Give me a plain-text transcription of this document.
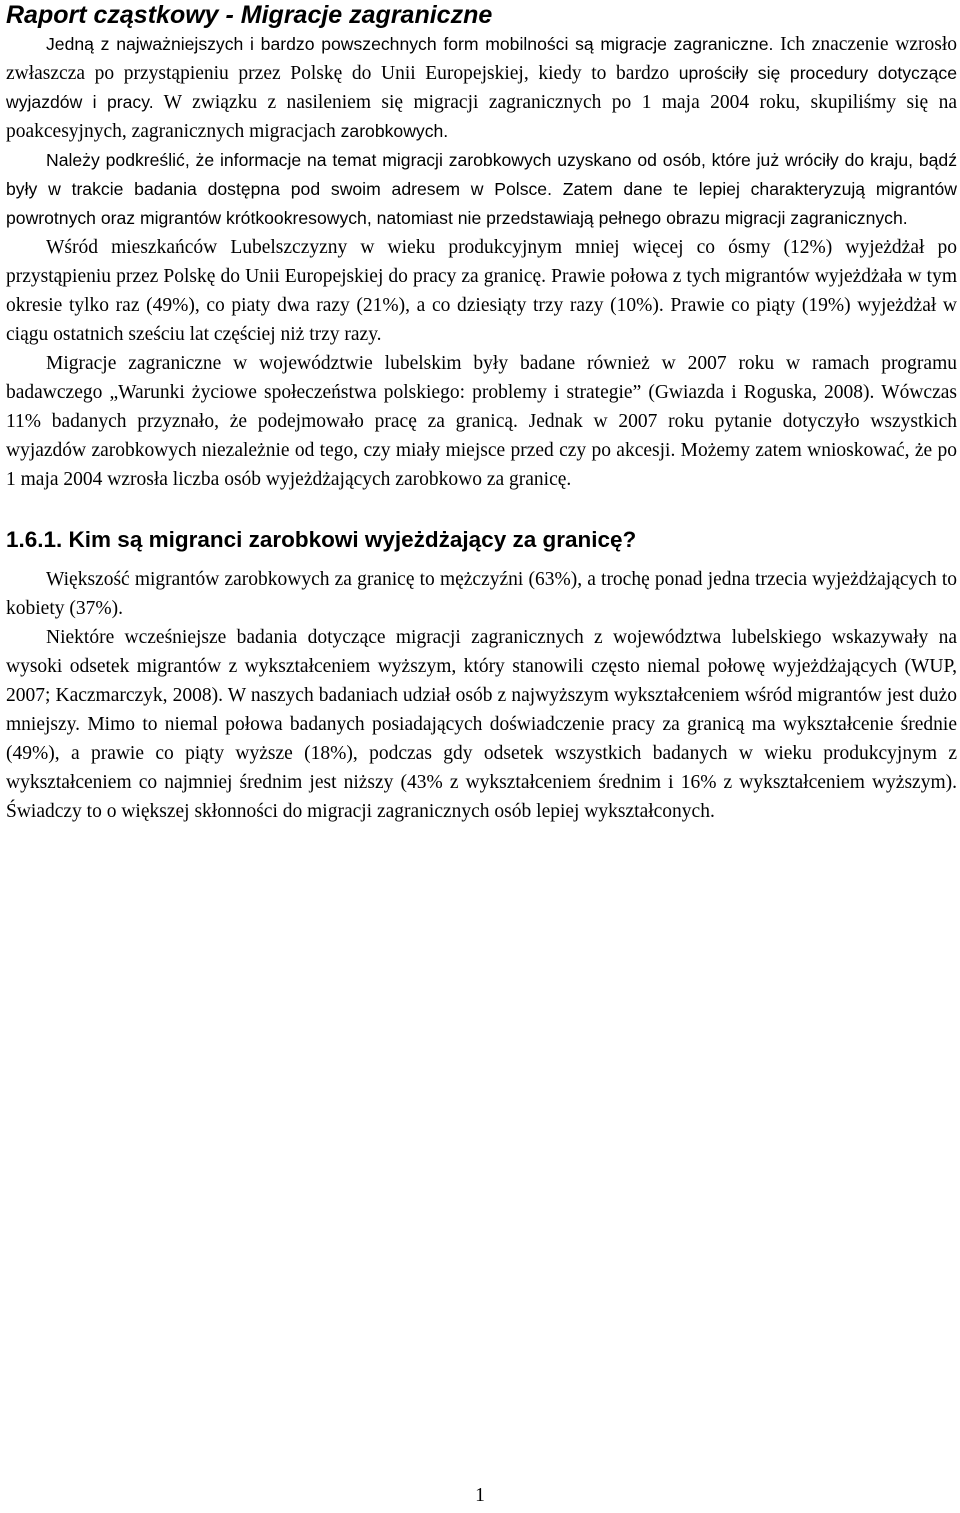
Raport cząstkowy - Migracje zagraniczne

Jedną z najważniejszych i bardzo powszechnych form mobilności są migracje zagraniczne. Ich znaczenie wzrosło zwłaszcza po przystąpieniu przez Polskę do Unii Europejskiej, kiedy to bardzo uprościły się procedury dotyczące wyjazdów i pracy. W związku z nasileniem się migracji zagranicznych po 1 maja 2004 roku, skupiliśmy się na poakcesyjnych, zagranicznych migracjach zarobkowych.

Należy podkreślić, że informacje na temat migracji zarobkowych uzyskano od osób, które już wróciły do kraju, bądź były w trakcie badania dostępna pod swoim adresem w Polsce. Zatem dane te lepiej charakteryzują migrantów powrotnych oraz migrantów krótkookresowych, natomiast nie przedstawiają pełnego obrazu migracji zagranicznych.

Wśród mieszkańców Lubelszczyzny w wieku produkcyjnym mniej więcej co ósmy (12%) wyjeżdżał po przystąpieniu przez Polskę do Unii Europejskiej do pracy za granicę. Prawie połowa z tych migrantów wyjeżdżała w tym okresie tylko raz (49%), co piaty dwa razy (21%), a co dziesiąty trzy razy (10%). Prawie co piąty (19%) wyjeżdżał w ciągu ostatnich sześciu lat częściej niż trzy razy.

Migracje zagraniczne w województwie lubelskim były badane również w 2007 roku w ramach programu badawczego „Warunki życiowe społeczeństwa polskiego: problemy i strategie” (Gwiazda i Roguska, 2008). Wówczas 11% badanych przyznało, że podejmowało pracę za granicą. Jednak w 2007 roku pytanie dotyczyło wszystkich wyjazdów zarobkowych niezależnie od tego, czy miały miejsce przed czy po akcesji. Możemy zatem wnioskować, że po 1 maja 2004 wzrosła liczba osób wyjeżdżających zarobkowo za granicę.

1.6.1. Kim są migranci zarobkowi wyjeżdżający za granicę?

Większość migrantów zarobkowych za granicę to mężczyźni (63%), a trochę ponad jedna trzecia wyjeżdżających to kobiety (37%).

Niektóre wcześniejsze badania dotyczące migracji zagranicznych z województwa lubelskiego wskazywały na wysoki odsetek migrantów z wykształceniem wyższym, który stanowili często niemal połowę wyjeżdżających (WUP, 2007; Kaczmarczyk, 2008). W naszych badaniach udział osób z najwyższym wykształceniem wśród migrantów jest dużo mniejszy. Mimo to niemal połowa badanych posiadających doświadczenie pracy za granicą ma wykształcenie średnie (49%), a prawie co piąty wyższe (18%), podczas gdy odsetek wszystkich badanych w wieku produkcyjnym z wykształceniem co najmniej średnim jest niższy (43% z wykształceniem średnim i 16% z wykształceniem wyższym). Świadczy to o większej skłonności do migracji zagranicznych osób lepiej wykształconych.

1
